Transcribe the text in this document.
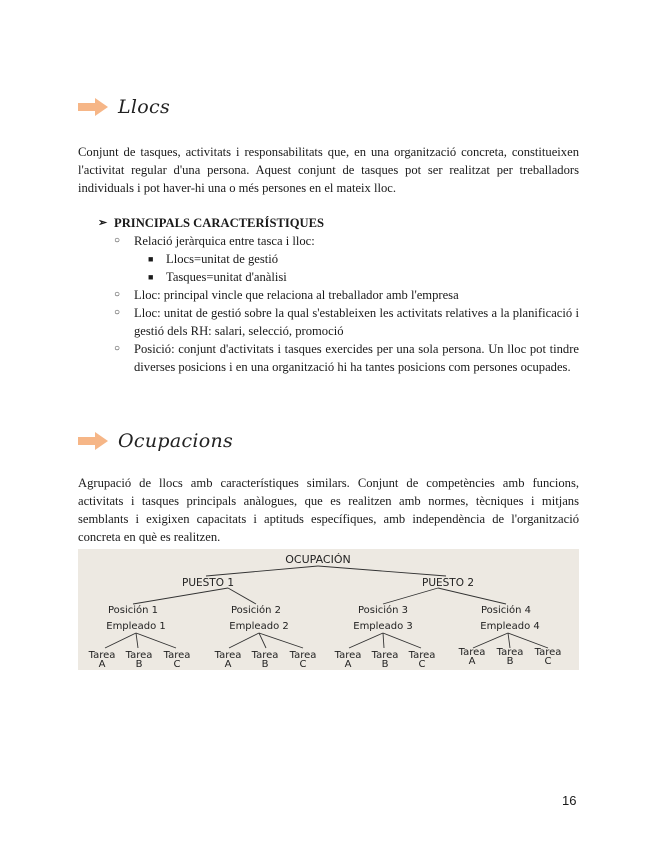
Llocs
Conjunt de tasques, activitats i responsabilitats que, en una organització concreta, constitueixen l'activitat regular d'una persona. Aquest conjunt de tasques pot ser realitzat per treballadors individuals i pot haver-hi una o més persones en el mateix lloc.
➢ PRINCIPALS CARACTERÍSTIQUES
○ Relació jeràrquica entre tasca i lloc:
■ Llocs=unitat de gestió
■ Tasques=unitat d'anàlisi
○ Lloc: principal vincle que relaciona al treballador amb l'empresa
○ Lloc: unitat de gestió sobre la qual s'estableixen les activitats relatives a la planificació i gestió dels RH: salari, selecció, promoció
○ Posició: conjunt d'activitats i tasques exercides per una sola persona. Un lloc pot tindre diverses posicions i en una organització hi ha tantes posicions com persones ocupades.
Ocupacions
Agrupació de llocs amb característiques similars. Conjunt de competències amb funcions, activitats i tasques principals anàlogues, que es realitzen amb normes, tècniques i mitjans semblants i exigixen capacitats i aptituds específiques, amb independència de l'organització concreta en què es realitzen.
OCUPACIÓN
PUESTO 1	PUESTO 2
Posición 1
Empleado 1
Posición 2
Empleado 2
Posición 3
Empleado 3
Posición 4
Empleado 4
Tarea
A
Tarea
B
Tarea
C
Tarea
A
Tarea
B
Tarea
C
Tarea
A
Tarea
B
Tarea
C
Tarea
A
Tarea
B
Tarea
C
16
